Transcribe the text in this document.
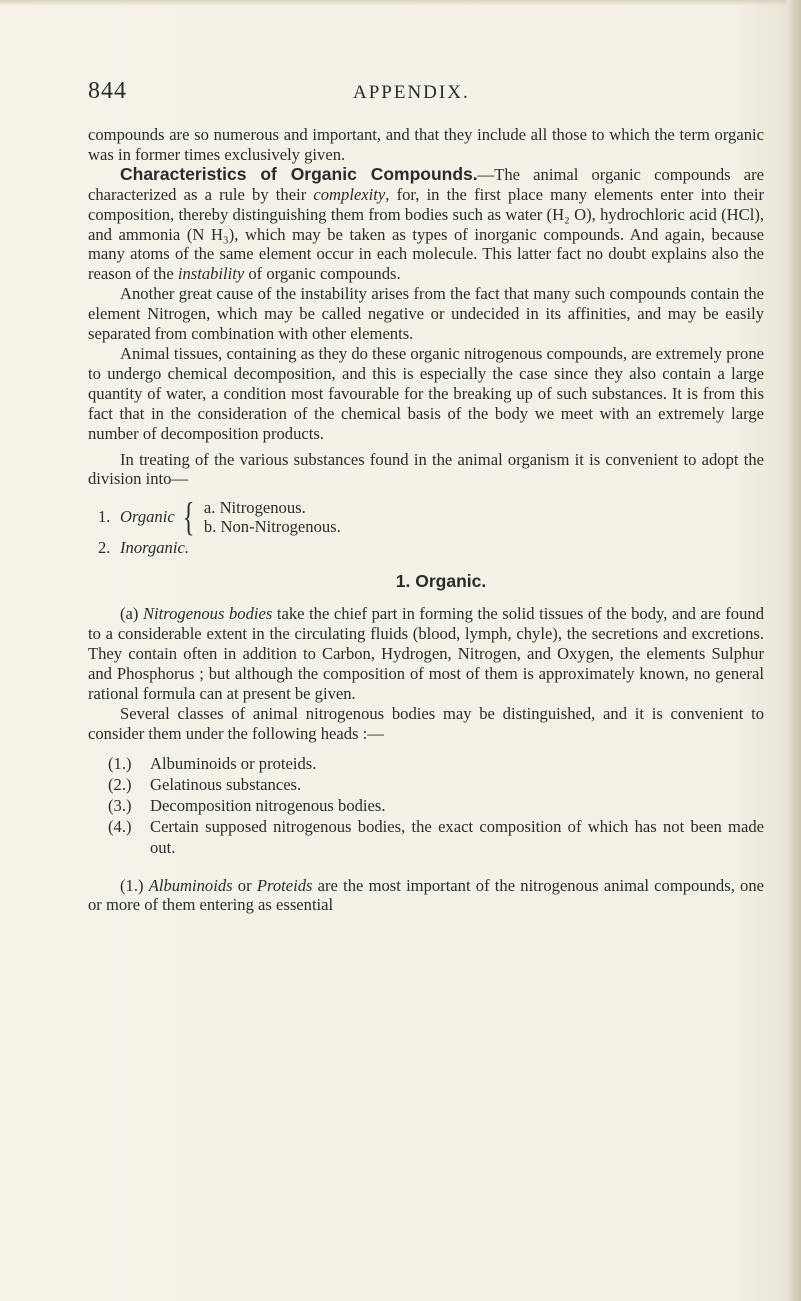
844	APPENDIX.

compounds are so numerous and important, and that they include all those to which the term organic was in former times exclusively given.

Characteristics of Organic Compounds.—The animal organic compounds are characterized as a rule by their complexity, for, in the first place many elements enter into their composition, thereby distinguishing them from bodies such as water (H₂ O), hydrochloric acid (HCl), and ammonia (N H₃), which may be taken as types of inorganic compounds. And again, because many atoms of the same element occur in each molecule. This latter fact no doubt explains also the reason of the instability of organic compounds.

Another great cause of the instability arises from the fact that many such compounds contain the element Nitrogen, which may be called negative or undecided in its affinities, and may be easily separated from combination with other elements.

Animal tissues, containing as they do these organic nitrogenous compounds, are extremely prone to undergo chemical decomposition, and this is especially the case since they also contain a large quantity of water, a condition most favourable for the breaking up of such substances. It is from this fact that in the consideration of the chemical basis of the body we meet with an extremely large number of decomposition products.

In treating of the various substances found in the animal organism it is convenient to adopt the division into—

1. Organic { a. Nitrogenous.
b. Non-Nitrogenous.
2. Inorganic.
1. Organic.

(a) Nitrogenous bodies take the chief part in forming the solid tissues of the body, and are found to a considerable extent in the circulating fluids (blood, lymph, chyle), the secretions and excretions. They contain often in addition to Carbon, Hydrogen, Nitrogen, and Oxygen, the elements Sulphur and Phosphorus ; but although the composition of most of them is approximately known, no general rational formula can at present be given.

Several classes of animal nitrogenous bodies may be distinguished, and it is convenient to consider them under the following heads :—

(1.)	Albuminoids or proteids.
(2.)	Gelatinous substances.
(3.)	Decomposition nitrogenous bodies.
(4.)	Certain supposed nitrogenous bodies, the exact composition of which has not been made out.

(1.) Albuminoids or Proteids are the most important of the nitrogenous animal compounds, one or more of them entering as essential
